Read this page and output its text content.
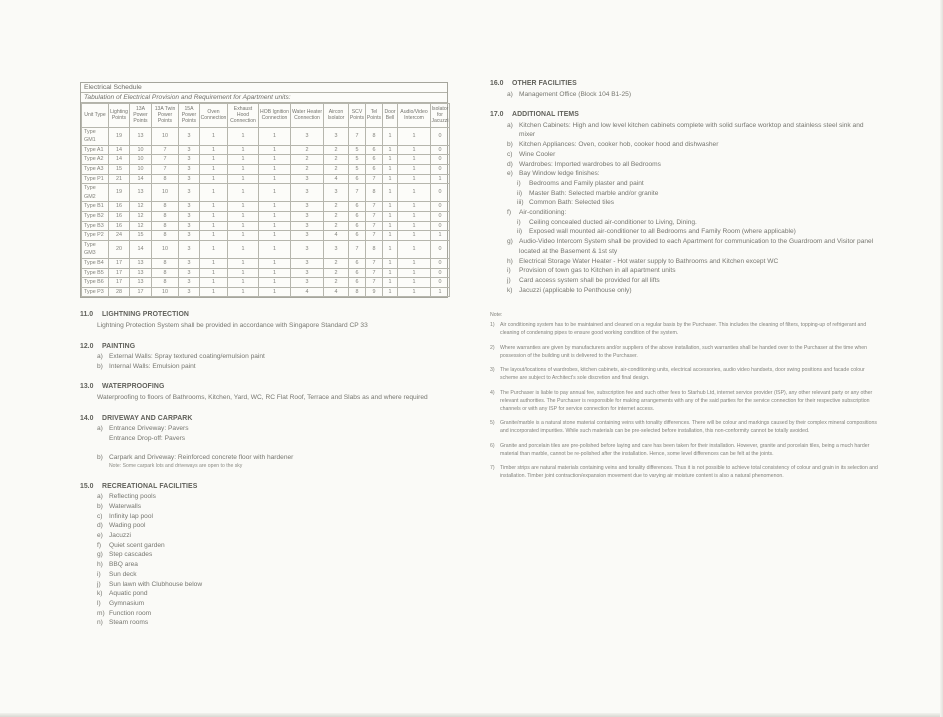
Electrical Schedule
Tabulation of Electrical Provision and Requirement for Apartment units:
Unit Type	Lighting Points	13A Power Points	13A Twin Power Points	15A Power Points	Oven Connection	Exhaust Hood Connection	HOB Ignition Connection	Water Heater Connection	Aircon Isolator	SCV Points	Tel Points	Door Bell	Audio/Video Intercom	Isolator for Jacuzzi
Type GM1	19	13	10	3	1	1	1	3	3	7	8	1	1	0
Type A1	14	10	7	3	1	1	1	2	2	5	6	1	1	0
Type A2	14	10	7	3	1	1	1	2	2	5	6	1	1	0
Type A3	15	10	7	3	1	1	1	2	2	5	6	1	1	0
Type P1	21	14	8	3	1	1	1	3	4	6	7	1	1	1
Type GM2	19	13	10	3	1	1	1	3	3	7	8	1	1	0
Type B1	16	12	8	3	1	1	1	3	2	6	7	1	1	0
Type B2	16	12	8	3	1	1	1	3	2	6	7	1	1	0
Type B3	16	12	8	3	1	1	1	3	2	6	7	1	1	0
Type P2	24	15	8	3	1	1	1	3	4	6	7	1	1	1
Type GM3	20	14	10	3	1	1	1	3	3	7	8	1	1	0
Type B4	17	13	8	3	1	1	1	3	2	6	7	1	1	0
Type B5	17	13	8	3	1	1	1	3	2	6	7	1	1	0
Type B6	17	13	8	3	1	1	1	3	2	6	7	1	1	0
Type P3	28	17	10	3	1	1	1	4	4	8	9	1	1	1
11.0	LIGHTNING PROTECTION
Lightning Protection System shall be provided in accordance with Singapore Standard CP 33
12.0	PAINTING
a) External Walls: Spray textured coating/emulsion paint
b) Internal Walls: Emulsion paint
13.0	WATERPROOFING
Waterproofing to floors of Bathrooms, Kitchen, Yard, WC, RC Flat Roof, Terrace and Slabs as and where required
14.0	DRIVEWAY AND CARPARK
a) Entrance Driveway: Pavers
Entrance Drop-off: Pavers
b) Carpark and Driveway: Reinforced concrete floor with hardener
Note: Some carpark lots and driveways are open to the sky
15.0	RECREATIONAL FACILITIES
a) Reflecting pools
b) Waterwalls
c) Infinity lap pool
d) Wading pool
e) Jacuzzi
f)	Quiet scent garden
g) Step cascades
h) BBQ area
i)	Sun deck
j)	Sun lawn with Clubhouse below
k) Aquatic pond
l)	Gymnasium
m) Function room
n) Steam rooms
16.0	OTHER FACILITIES
a) Management Office (Block 104 B1-25)
17.0	ADDITIONAL ITEMS
a) Kitchen Cabinets: High and low level kitchen cabinets complete with solid surface worktop and stainless steel sink and mixer
b) Kitchen Appliances: Oven, cooker hob, cooker hood and dishwasher
c) Wine Cooler
d) Wardrobes: Imported wardrobes to all Bedrooms
e) Bay Window ledge finishes:
i)	Bedrooms and Family plaster and paint
ii)	Master Bath: Selected marble and/or granite
iii) Common Bath: Selected tiles
f)	Air-conditioning:
i)	Ceiling concealed ducted air-conditioner to Living, Dining.
ii)	Exposed wall mounted air-conditioner to all Bedrooms and Family Room (where applicable)
g) Audio-Video Intercom System shall be provided to each Apartment for communication to the Guardroom and Visitor panel located at the Basement & 1st sty
h) Electrical Storage Water Heater - Hot water supply to Bathrooms and Kitchen except WC
i)	Provision of town gas to Kitchen in all apartment units
j)	Card access system shall be provided for all lifts
k) Jacuzzi (applicable to Penthouse only)
Note:
1)	Air conditioning system has to be maintained and cleaned on a regular basis by the Purchaser. This includes the cleaning of filters, topping-up of refrigerant and cleaning of condensing pipes to ensure good working condition of the system.
2)	Where warranties are given by manufacturers and/or suppliers of the above installation, such warranties shall be handed over to the Purchaser at the time when possession of the building unit is delivered to the Purchaser.
3)	The layout/locations of wardrobes, kitchen cabinets, air-conditioning units, electrical accessories, audio video handsets, door swing positions and facade colour scheme are subject to Architect's sole discretion and final design.
4)	The Purchaser is liable to pay annual fee, subscription fee and such other fees to Starhub Ltd, internet service provider (ISP), any other relevant party or any other relevant authorities. The Purchaser is responsible for making arrangements with any of the said parties for the service connection for their respective subscription channels or with any ISP for service connection for internet access.
5)	Granite/marble is a natural stone material containing veins with tonality differences. There will be colour and markings caused by their complex mineral compositions and incorporated impurities. While such materials can be pre-selected before installation, this non-conformity cannot be totally avoided.
6)	Granite and porcelain tiles are pre-polished before laying and care has been taken for their installation. However, granite and porcelain tiles, being a much harder material than marble, cannot be re-polished after the installation. Hence, some level differences can be felt at the joints.
7)	Timber strips are natural materials containing veins and tonality differences. Thus it is not possible to achieve total consistency of colour and grain in its selection and installation. Timber joint contraction/expansion movement due to varying air moisture content is also a natural phenomenon.
